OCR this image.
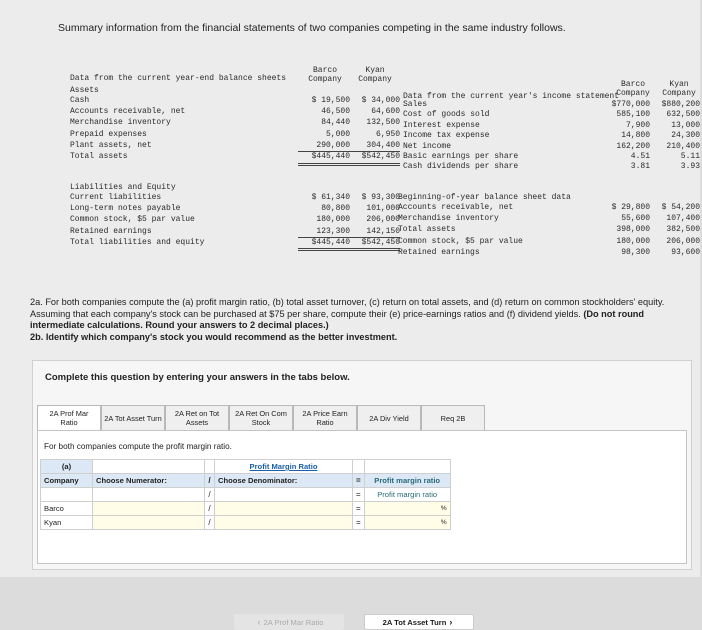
Summary information from the financial statements of two companies competing in the same industry follows.
Data from the current year-end balance sheets
Barco
Company
Kyan
Company
Assets
Cash	$ 19,500	$ 34,000
Accounts receivable, net	46,500	64,600
Merchandise inventory	84,440	132,500
Prepaid expenses	5,000	6,950
Plant assets, net	290,000	304,400
Total assets	$445,440	$542,450
Liabilities and Equity
Current liabilities	$ 61,340	$ 93,300
Long-term notes payable	80,800	101,000
Common stock, $5 par value	180,000	206,000
Retained earnings	123,300	142,150
Total liabilities and equity	$445,440	$542,450
Data from the current year's income statement
Barco
Company
Kyan
Company
Sales	$770,000	$880,200
Cost of goods sold	585,100	632,500
Interest expense	7,900	13,000
Income tax expense	14,800	24,300
Net income	162,200	210,400
Basic earnings per share	4.51	5.11
Cash dividends per share	3.81	3.93
Beginning-of-year balance sheet data
Accounts receivable, net	$ 29,800	$ 54,200
Merchandise inventory	55,600	107,400
Total assets	398,000	382,500
Common stock, $5 par value	180,000	206,000
Retained earnings	98,300	93,600
2a. For both companies compute the (a) profit margin ratio, (b) total asset turnover, (c) return on total assets, and (d) return on common stockholders' equity. Assuming that each company's stock can be purchased at $75 per share, compute their (e) price-earnings ratios and (f) dividend yields. (Do not round intermediate calculations. Round your answers to 2 decimal places.)
2b. Identify which company's stock you would recommend as the better investment.
Complete this question by entering your answers in the tabs below.
2A Prof Mar Ratio	2A Tot Asset Turn	2A Ret on Tot Assets
2A Ret On Com Stock
2A Price Earn Ratio	2A Div Yield	Req 2B
For both companies compute the profit margin ratio.
(a)			Profit Margin Ratio		
Company	Choose Numerator:	/	Choose Denominator:	=	Profit margin ratio
		/		=	Profit margin ratio
Barco		/		=	%
Kyan		/		=	%
‹ 2A Prof Mar Ratio	2A Tot Asset Turn ›
